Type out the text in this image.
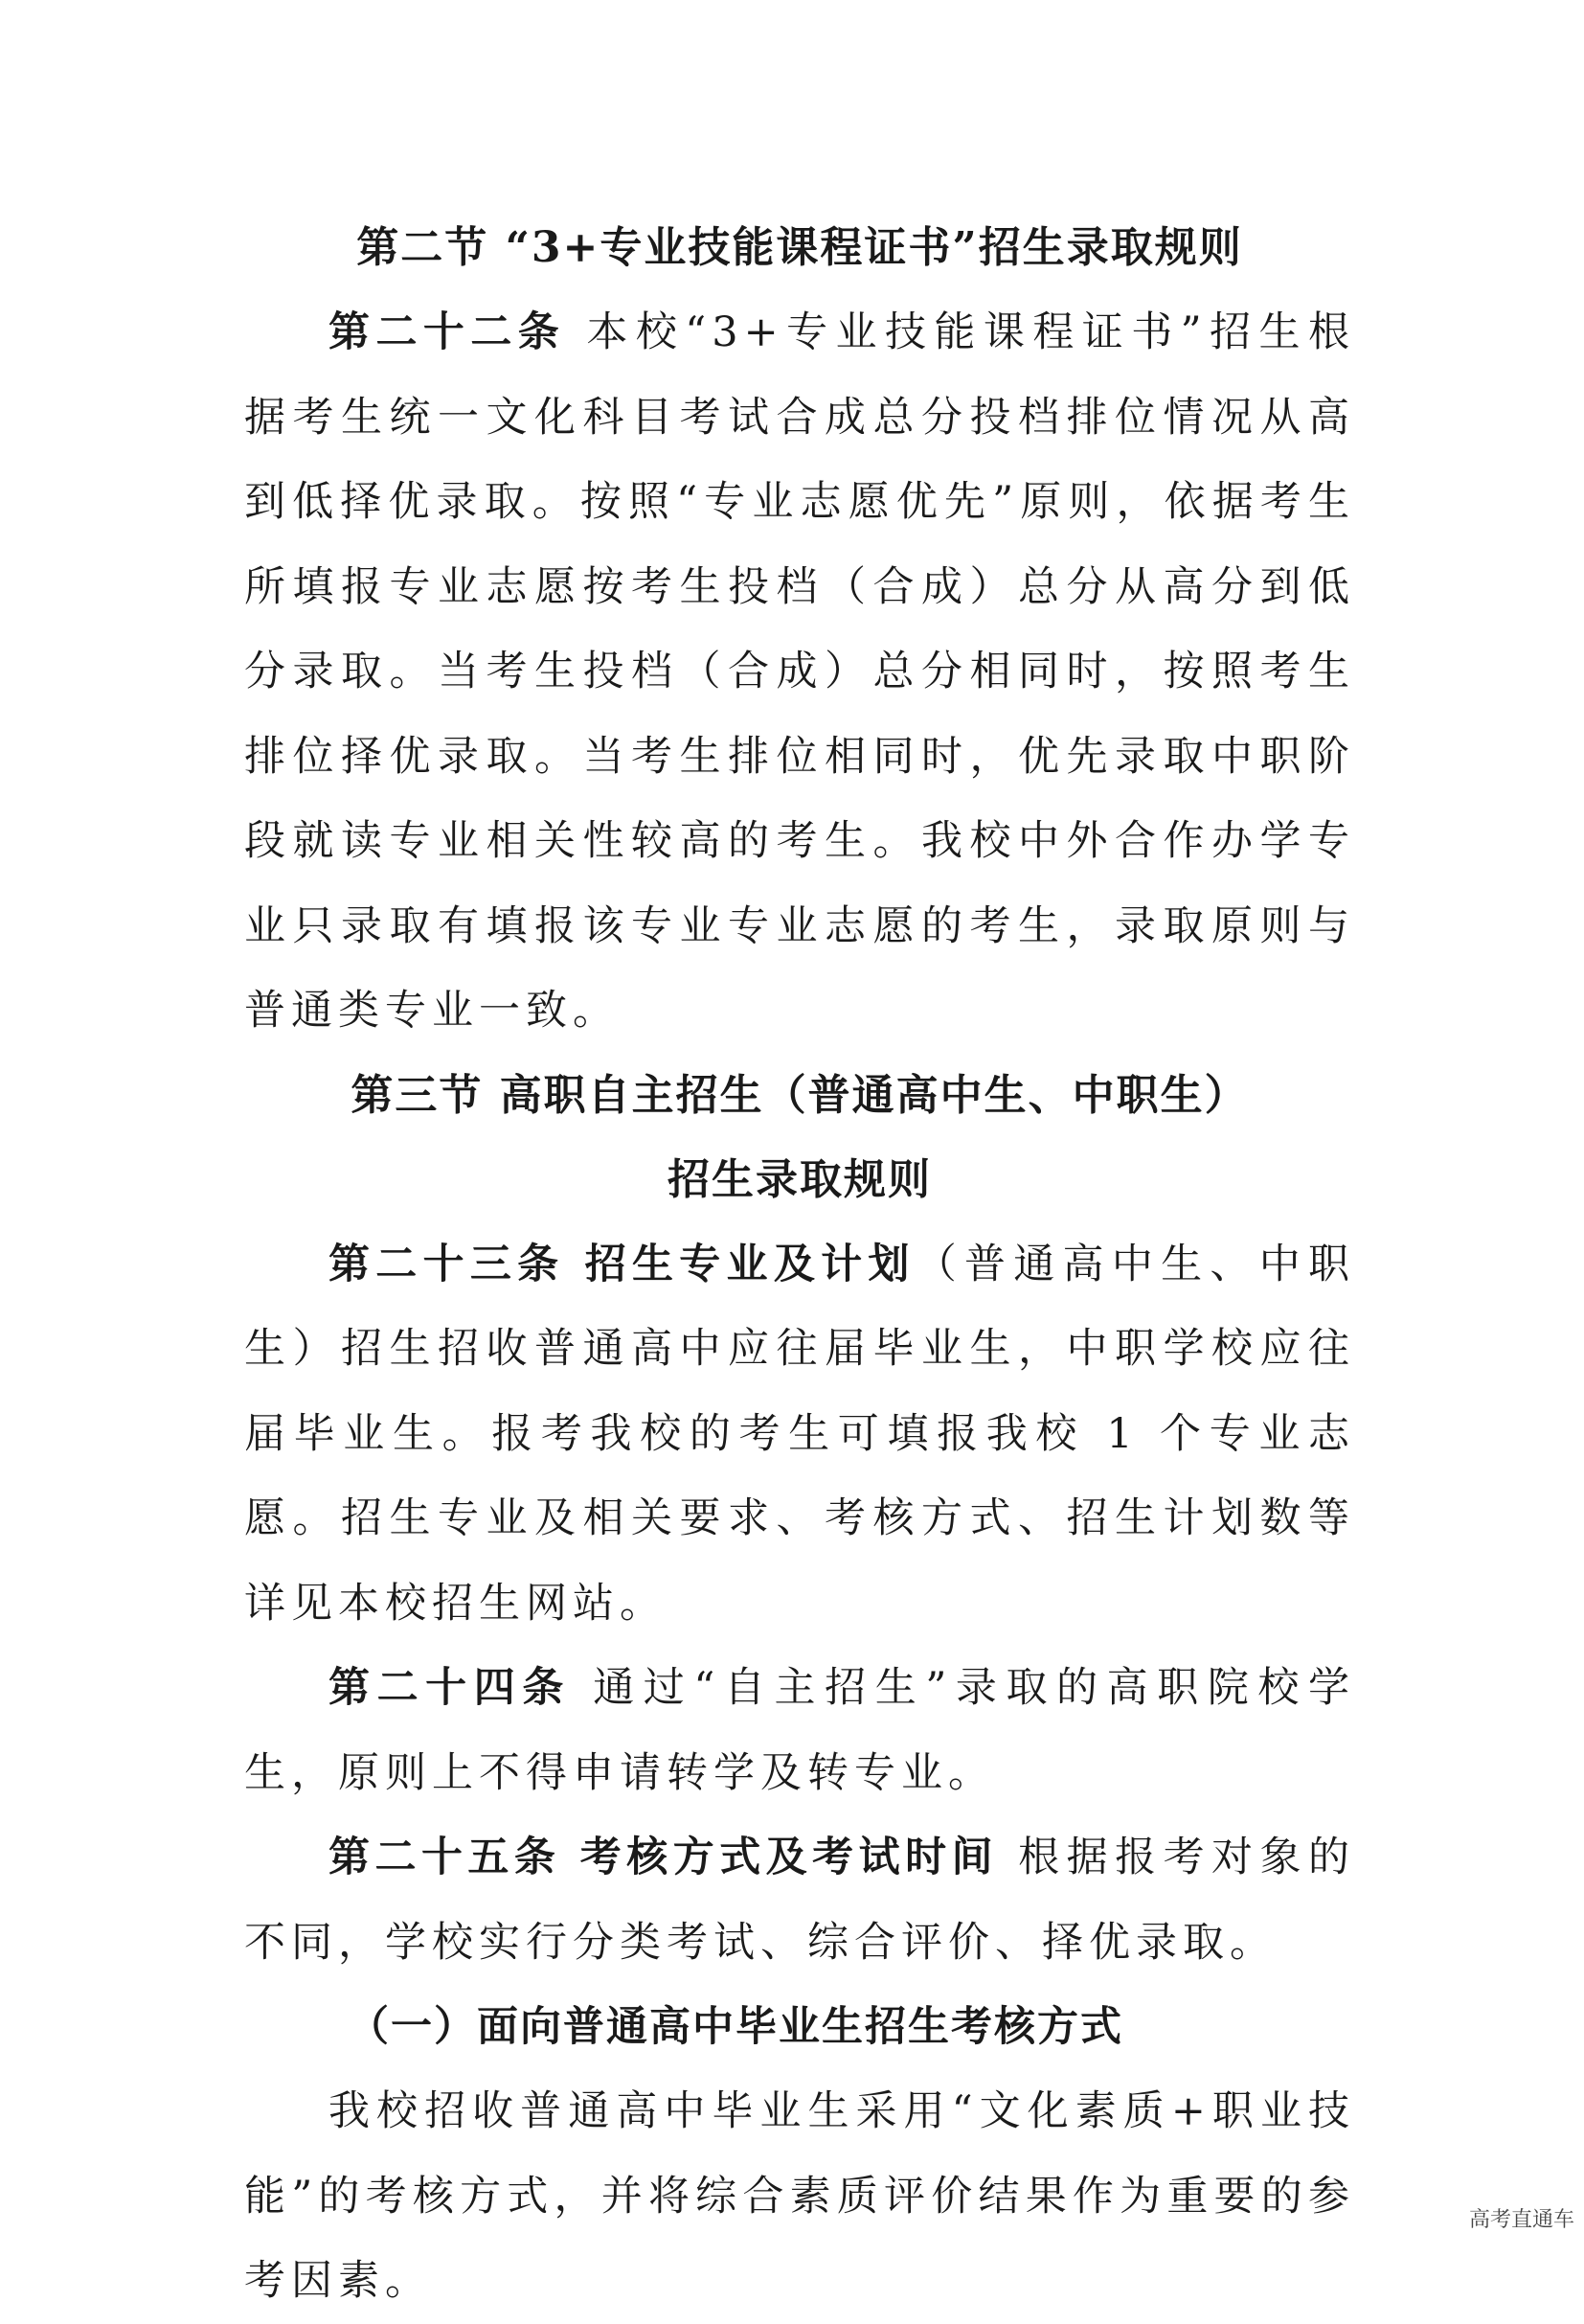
第二节 “3+专业技能课程证书”招生录取规则

第二十二条 本校“3+专业技能课程证书”招生根据考生统一文化科目考试合成总分投档排位情况从高到低择优录取。按照“专业志愿优先”原则，依据考生所填报专业志愿按考生投档（合成）总分从高分到低分录取。当考生投档（合成）总分相同时，按照考生排位择优录取。当考生排位相同时，优先录取中职阶段就读专业相关性较高的考生。我校中外合作办学专业只录取有填报该专业专业志愿的考生，录取原则与普通类专业一致。

第三节 高职自主招生（普通高中生、中职生）
招生录取规则

第二十三条 招生专业及计划（普通高中生、中职生）招生招收普通高中应往届毕业生，中职学校应往届毕业生。报考我校的考生可填报我校 1 个专业志愿。招生专业及相关要求、考核方式、招生计划数等详见本校招生网站。

第二十四条 通过“自主招生”录取的高职院校学生，原则上不得申请转学及转专业。

第二十五条 考核方式及考试时间 根据报考对象的不同，学校实行分类考试、综合评价、择优录取。

（一）面向普通高中毕业生招生考核方式

我校招收普通高中毕业生采用“文化素质+职业技能”的考核方式，并将综合素质评价结果作为重要的参考因素。

高考直通车
